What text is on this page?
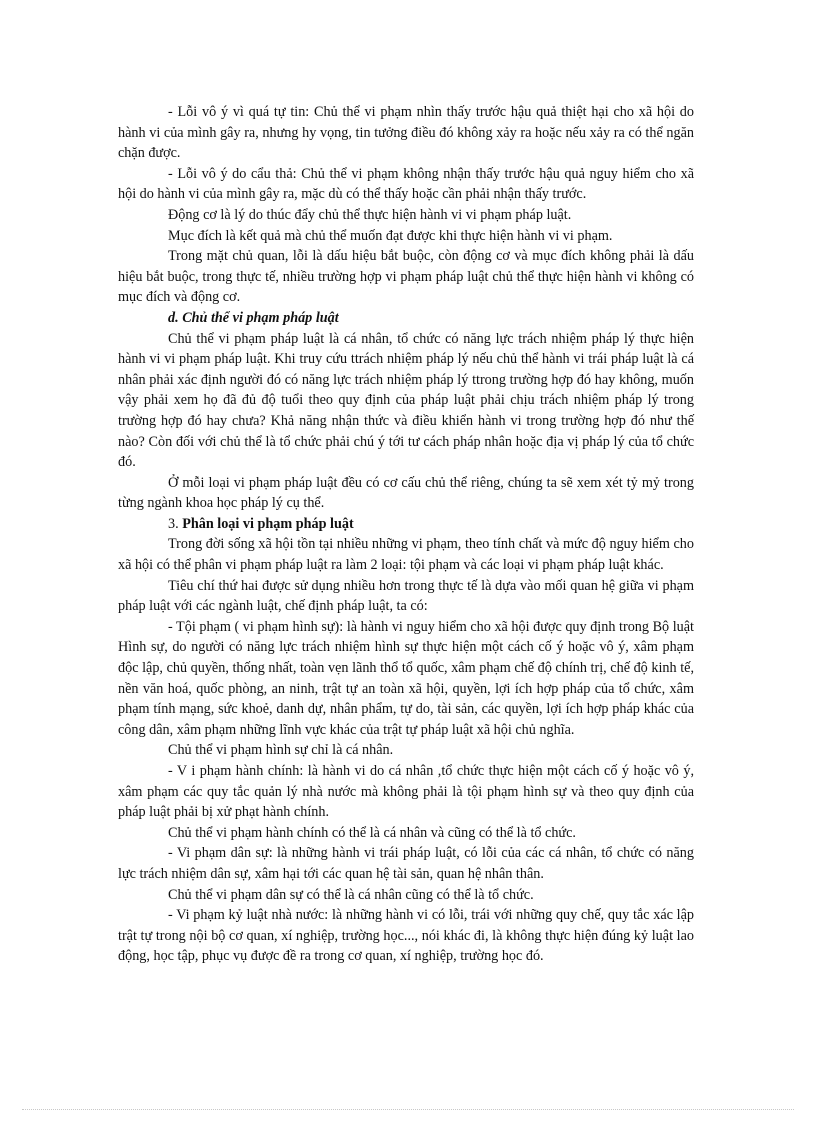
- Lỗi vô ý vì quá tự tin: Chủ thể vi phạm nhìn thấy trước hậu quả thiệt hại cho xã hội do hành vi của mình gây ra, nhưng hy vọng, tin tưởng điều đó không xảy ra hoặc nếu xảy ra có thể ngăn chặn được.

- Lỗi vô ý do cẩu thả: Chủ thể vi phạm không nhận thấy trước hậu quả nguy hiểm cho xã hội do hành vi của mình gây ra, mặc dù có thể thấy hoặc cần phải nhận thấy trước.

Động cơ là lý do thúc đẩy chủ thể thực hiện hành vi vi phạm pháp luật.

Mục đích là kết quả mà chủ thể muốn đạt được khi thực hiện hành vi vi phạm.

Trong mặt chủ quan, lỗi là dấu hiệu bắt buộc, còn động cơ và mục đích không phải là dấu hiệu bắt buộc, trong thực tế, nhiều trường hợp vi phạm pháp luật chủ thể thực hiện hành vi không có mục đích và động cơ.

d. Chủ thể vi phạm pháp luật

Chủ thể vi phạm pháp luật là cá nhân, tổ chức có năng lực trách nhiệm pháp lý thực hiện hành vi vi phạm pháp luật. Khi truy cứu ttrách nhiệm pháp lý nếu chủ thể hành vi trái pháp luật là cá nhân phải xác định người đó có năng lực trách nhiệm pháp lý ttrong trường hợp đó hay không, muốn vậy phải xem họ đã đủ độ tuổi theo quy định của pháp luật phải chịu trách nhiệm pháp lý trong trường hợp đó hay chưa? Khả năng nhận thức và điều khiển hành vi trong trường hợp đó như thế nào? Còn đối với chủ thể là tổ chức phải chú ý tới tư cách pháp nhân hoặc địa vị pháp lý của tổ chức đó.

Ở mỗi loại vi phạm pháp luật đều có cơ cấu chủ thể riêng, chúng ta sẽ xem xét tỷ mỷ trong từng ngành khoa học pháp lý cụ thể.

3. Phân loại vi phạm pháp luật

Trong đời sống xã hội tồn tại nhiều những vi phạm, theo tính chất và mức độ nguy hiểm cho xã hội có thể phân vi phạm pháp luật ra làm 2 loại: tội phạm và các loại vi phạm pháp luật khác.

Tiêu chí thứ hai được sử dụng nhiều hơn trong thực tế là dựa vào mối quan hệ giữa vi phạm pháp luật với các ngành luật, chế định pháp luật, ta có:

- Tội phạm ( vi phạm hình sự): là hành vi nguy hiểm cho xã hội được quy định trong Bộ luật Hình sự, do người có năng lực trách nhiệm hình sự thực hiện một cách cố ý hoặc vô ý, xâm phạm độc lập, chủ quyền, thống nhất, toàn vẹn lãnh thổ tổ quốc, xâm phạm chế độ chính trị, chế độ kinh tế, nền văn hoá, quốc phòng, an ninh, trật tự an toàn xã hội, quyền, lợi ích hợp pháp của tổ chức, xâm phạm tính mạng, sức khoẻ, danh dự, nhân phẩm, tự do, tài sản, các quyền, lợi ích hợp pháp khác của công dân, xâm phạm những lĩnh vực khác của trật tự pháp luật xã hội chủ nghĩa.

Chủ thể vi phạm hình sự chỉ là cá nhân.

- V i phạm hành chính: là hành vi do cá nhân ,tổ chức thực hiện một cách cố ý hoặc vô ý, xâm phạm các quy tắc quản lý nhà nước mà không phải là tội phạm hình sự và theo quy định của pháp luật phải bị xử phạt hành chính.

Chủ thể vi phạm hành chính có thể là cá nhân và cũng có thể là tổ chức.

- Vi phạm dân sự: là những hành vi trái pháp luật, có lỗi của các cá nhân, tổ chức có năng lực trách nhiệm dân sự, xâm hại tới các quan hệ tài sản, quan hệ nhân thân.

Chủ thể vi phạm dân sự có thể là cá nhân cũng có thể là tổ chức.

- Vi phạm kỷ luật nhà nước: là những hành vi có lỗi, trái với những quy chế, quy tắc xác lập trật tự trong nội bộ cơ quan, xí nghiệp, trường học..., nói khác đi, là không thực hiện đúng kỷ luật lao động, học tập, phục vụ được đề ra trong cơ quan, xí nghiệp, trường học đó.
